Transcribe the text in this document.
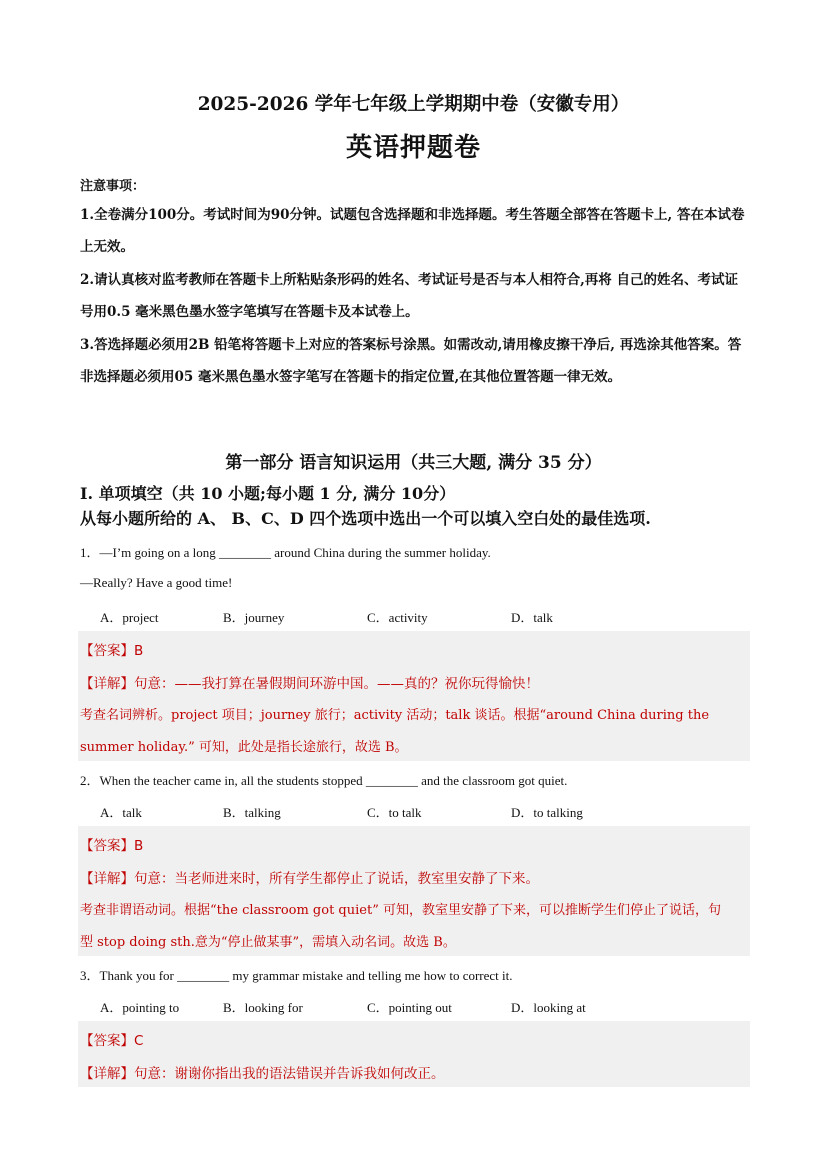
2025-2026 学年七年级上学期期中卷（安徽专用）
英语押题卷
注意事项：
1.全卷满分100分。考试时间为90分钟。试题包含选择题和非选择题。考生答题全部答在答题卡上, 答在本试卷上无效。
2.请认真核对监考教师在答题卡上所粘贴条形码的姓名、考试证号是否与本人相符合,再将 自己的姓名、考试证号用0.5 毫米黑色墨水签字笔填写在答题卡及本试卷上。
3.答选择题必须用2B 铅笔将答题卡上对应的答案标号涂黑。如需改动,请用橡皮擦干净后, 再选涂其他答案。答非选择题必须用05 毫米黑色墨水签字笔写在答题卡的指定位置,在其他位置答题一律无效。
第一部分 语言知识运用（共三大题, 满分 35 分）
I. 单项填空（共 10 小题;每小题 1 分, 满分 10分）
从每小题所给的 A、 B、C、D 四个选项中选出一个可以填入空白处的最佳选项.
1．—I’m going on a long ________ around China during the summer holiday.
—Really? Have a good time!
A．project	B．journey	C．activity	D．talk
【答案】B
【详解】句意：——我打算在暑假期间环游中国。——真的？祝你玩得愉快！
考查名词辨析。project 项目；journey 旅行；activity 活动；talk 谈话。根据“around China during the
summer holiday.” 可知，此处是指长途旅行，故选 B。
2．When the teacher came in, all the students stopped ________ and the classroom got quiet.
A．talk	B．talking	C．to talk	D．to talking
【答案】B
【详解】句意：当老师进来时，所有学生都停止了说话，教室里安静了下来。
考查非谓语动词。根据“the classroom got quiet” 可知，教室里安静了下来，可以推断学生们停止了说话，句
型 stop doing sth.意为“停止做某事”，需填入动名词。故选 B。
3．Thank you for ________ my grammar mistake and telling me how to correct it.
A．pointing to	B．looking for	C．pointing out	D．looking at
【答案】C
【详解】句意：谢谢你指出我的语法错误并告诉我如何改正。
